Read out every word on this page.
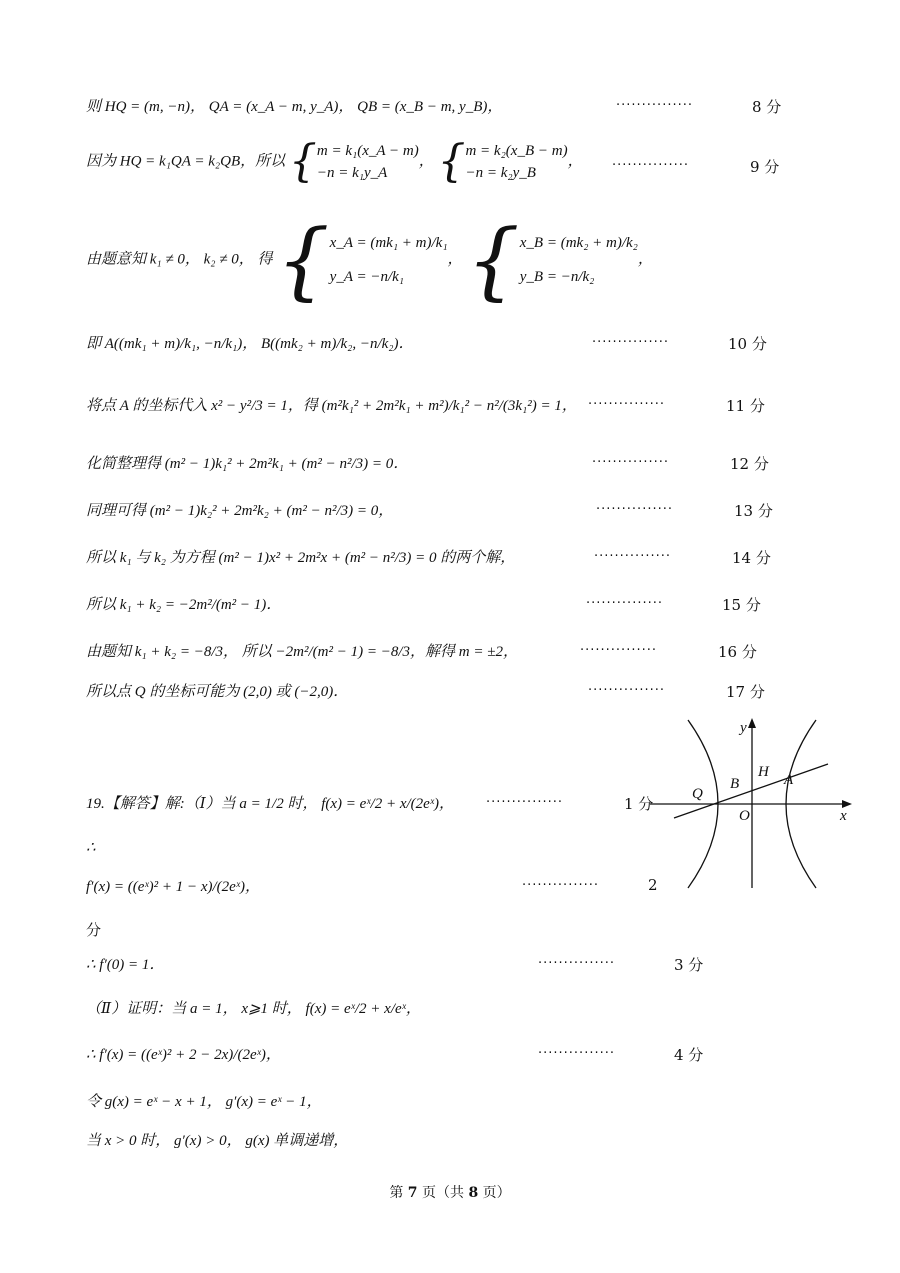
则 HQ = (m, −n)， QA = (x_A − m, y_A)， QB = (x_B − m, y_B)，	···············	8 分
因为 HQ = k₁QA = k₂QB，所以 { m = k₁(x_A − m)
−n = k₁y_A
， { m = k₂(x_B − m)
−n = k₂y_B
， ···············	9 分
由题意知 k₁ ≠ 0， k₂ ≠ 0， 得 { x_A = (mk₁ + m)/k₁
y_A = −n/k₁
， { x_B = (mk₂ + m)/k₂
y_B = −n/k₂
，
即 A((mk₁ + m)/k₁, −n/k₁)， B((mk₂ + m)/k₂, −n/k₂)．	···············	10 分
将点 A 的坐标代入 x² − y²/3 = 1，得 (m²k₁² + 2m²k₁ + m²)/k₁² − n²/(3k₁²) = 1， ···············	11 分
化简整理得 (m² − 1)k₁² + 2m²k₁ + (m² − n²/3) = 0．	···············	12 分
同理可得 (m² − 1)k₂² + 2m²k₂ + (m² − n²/3) = 0，	···············	13 分
所以 k₁ 与 k₂ 为方程 (m² − 1)x² + 2m²x + (m² − n²/3) = 0 的两个解，	···············	14 分
所以 k₁ + k₂ = −2m²/(m² − 1)．	···············	15 分
由题知 k₁ + k₂ = −8/3， 所以 −2m²/(m² − 1) = −8/3，解得 m = ±2，	···············	16 分
所以点 Q 的坐标可能为 (2,0) 或 (−2,0)．	···············	17 分
y
x
O
Q
B
H A
19.【解答】解:（Ⅰ）当 a = 1/2 时， f(x) = eˣ/2 + x/(2eˣ)， ···············	1 分
∴
f′(x) = ((eˣ)² + 1 − x)/(2eˣ)，	···············	2
分
∴ f′(0) = 1．	···············	3 分
（Ⅱ）证明：当 a = 1， x⩾1 时， f(x) = eˣ/2 + x/eˣ，
∴ f′(x) = ((eˣ)² + 2 − 2x)/(2eˣ)，	···············	4 分
令 g(x) = eˣ − x + 1， g′(x) = eˣ − 1，
当 x > 0 时， g′(x) > 0， g(x) 单调递增，
第 7 页（共 8 页）
